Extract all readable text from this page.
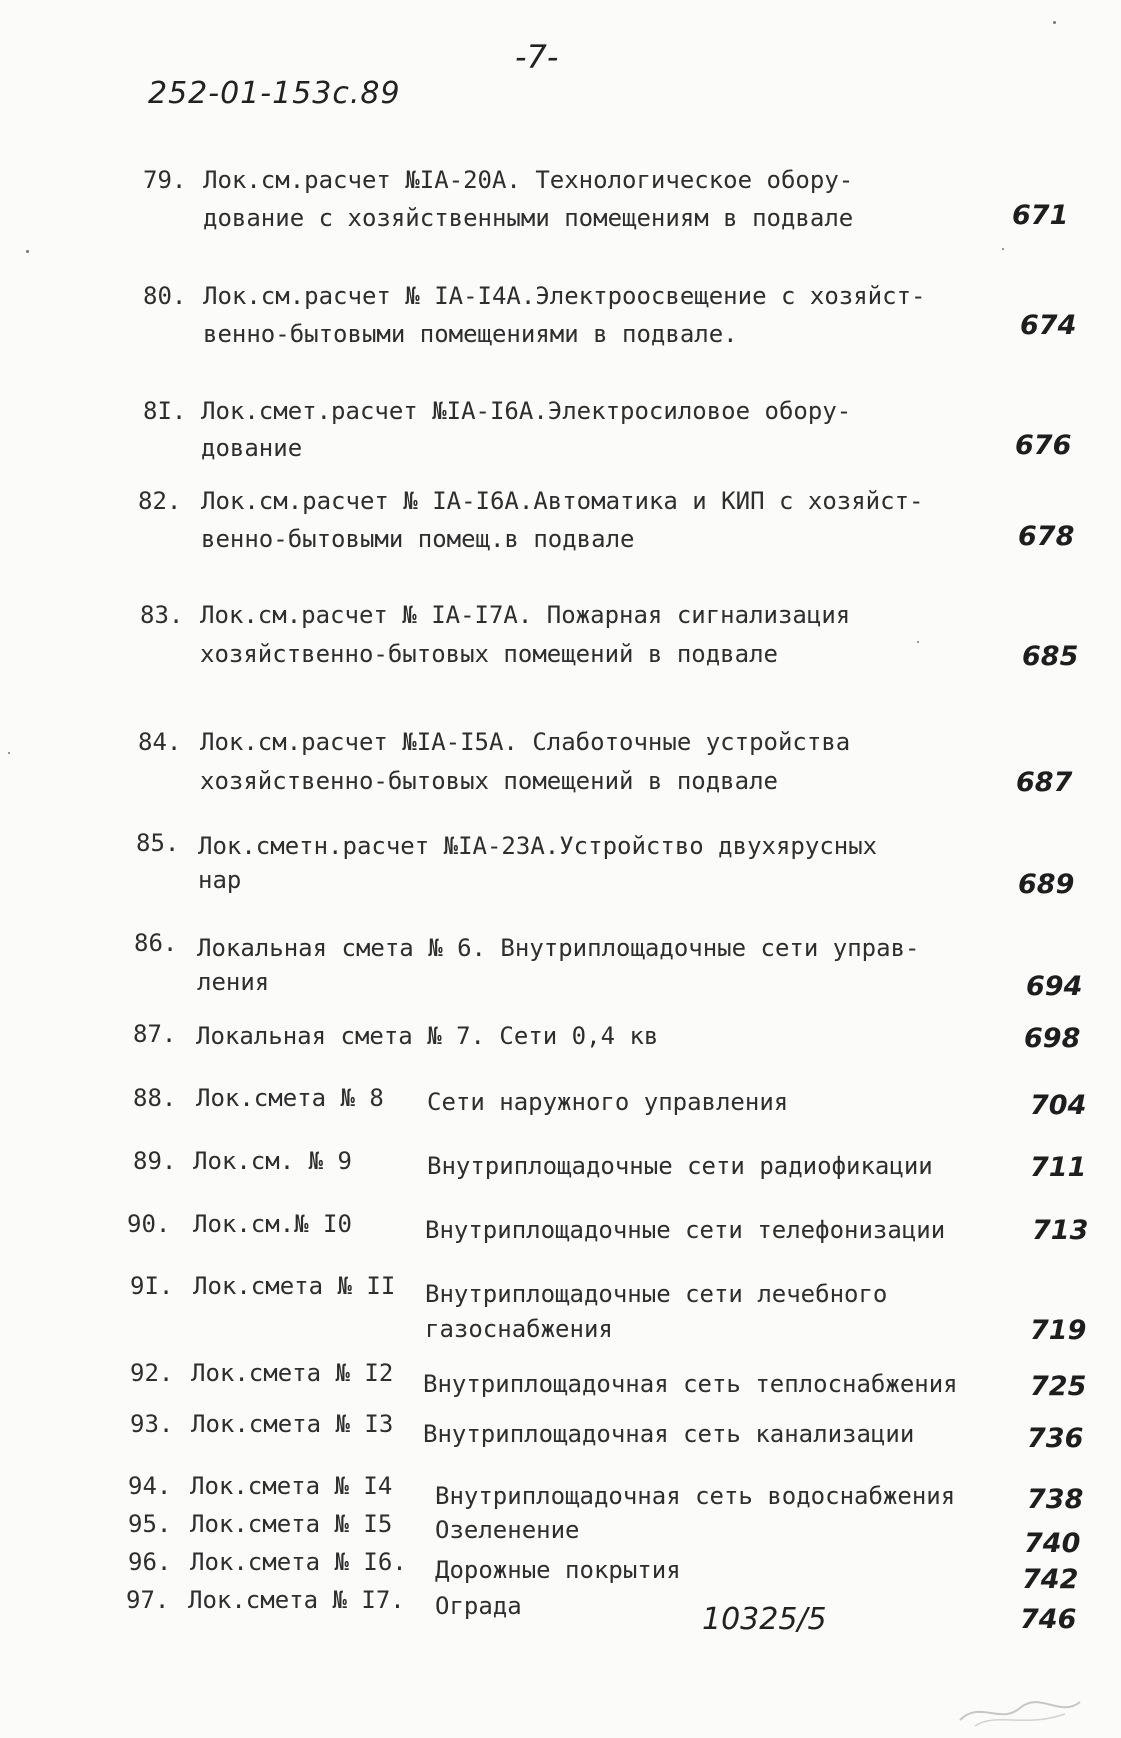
-7-
252-01-153с.89
79. Лок.см.расчет №IА-20А. Технологическое обору-
дование с хозяйственными помещениям в подвале	671
80. Лок.см.расчет № IА-I4А.Электроосвещение с хозяйст-
венно-бытовыми помещениями в подвале.	674
8I. Лок.смет.расчет №IА-I6А.Электросиловое обору-
дование	676
82. Лок.см.расчет № IА-I6А.Автоматика и КИП с хозяйст-
венно-бытовыми помещ.в подвале	678
83. Лок.см.расчет № IА-I7А. Пожарная сигнализация
хозяйственно-бытовых помещений в подвале	685
84. Лок.см.расчет №IА-I5А. Слаботочные устройства
хозяйственно-бытовых помещений в подвале	687
85. Лок.сметн.расчет №IА-23А.Устройство двухярусных
нар	689
86. Локальная смета № 6. Внутриплощадочные сети управ-
ления	694
87. Локальная смета № 7. Сети 0,4 кв	698
88. Лок.смета № 8 Сети наружного управления	704
89. Лок.см. № 9	Внутриплощадочные сети радиофикации	711
90. Лок.см.№ I0	Внутриплощадочные сети телефонизации	713
9I. Лок.смета № II Внутриплощадочные сети лечебного
газоснабжения	719
92. Лок.смета № I2 Внутриплощадочная сеть теплоснабжения	725
93. Лок.смета № I3 Внутриплощадочная сеть канализации	736
94. Лок.смета № I4 Внутриплощадочная сеть водоснабжения	738
95. Лок.смета № I5 Озеленение	740
96. Лок.смета № I6. Дорожные покрытия	742
97. Лок.смета № I7. Ограда	746
10325/5
